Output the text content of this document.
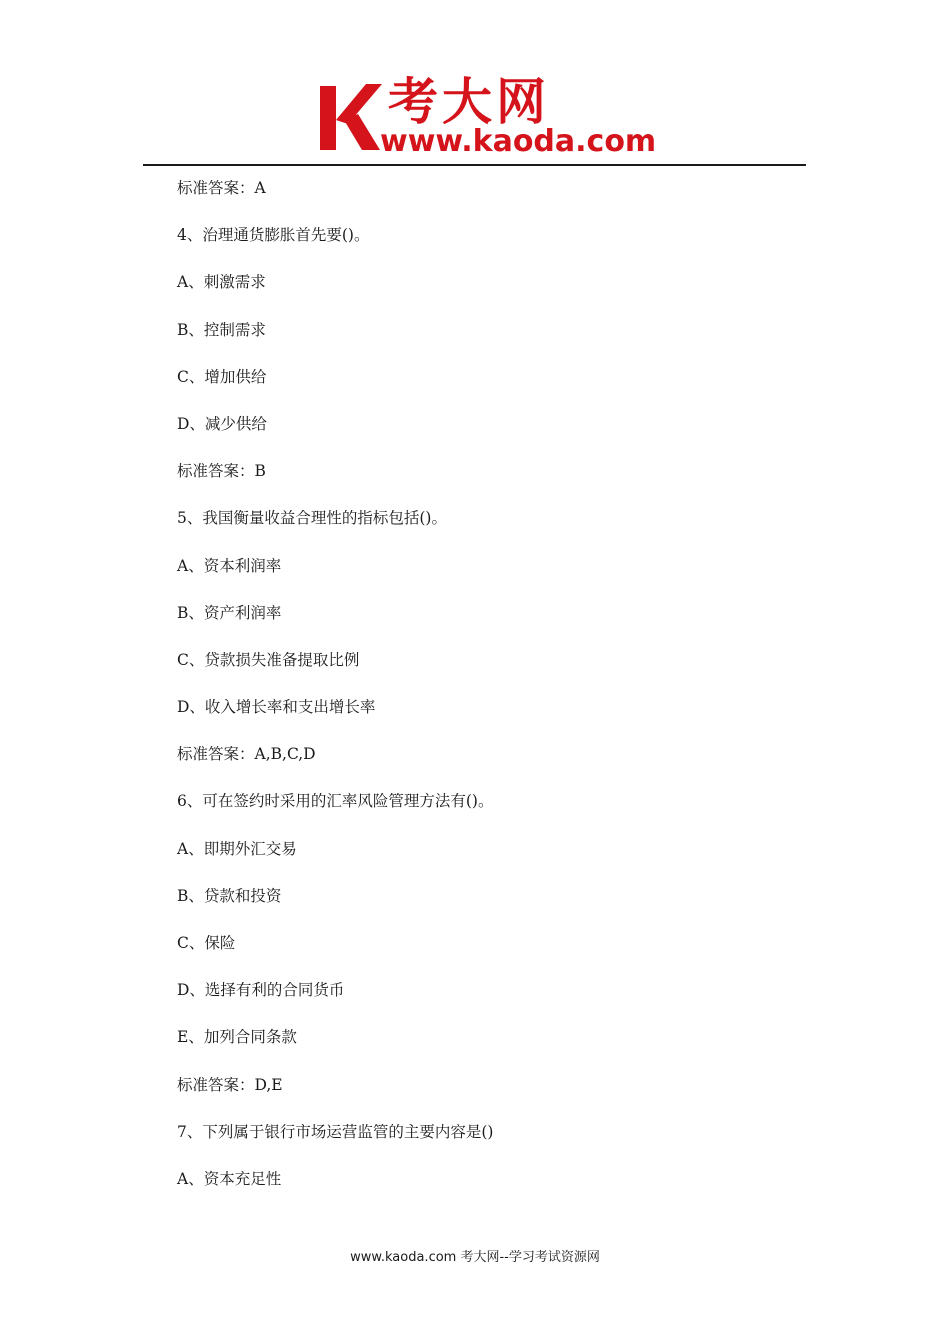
考大网
www.kaoda.com
标准答案：A
4、治理通货膨胀首先要()。
A、刺激需求
B、控制需求
C、增加供给
D、减少供给
标准答案：B
5、我国衡量收益合理性的指标包括()。
A、资本利润率
B、资产利润率
C、贷款损失准备提取比例
D、收入增长率和支出增长率
标准答案：A,B,C,D
6、可在签约时采用的汇率风险管理方法有()。
A、即期外汇交易
B、贷款和投资
C、保险
D、选择有利的合同货币
E、加列合同条款
标准答案：D,E
7、下列属于银行市场运营监管的主要内容是()
A、资本充足性
www.kaoda.com 考大网--学习考试资源网
